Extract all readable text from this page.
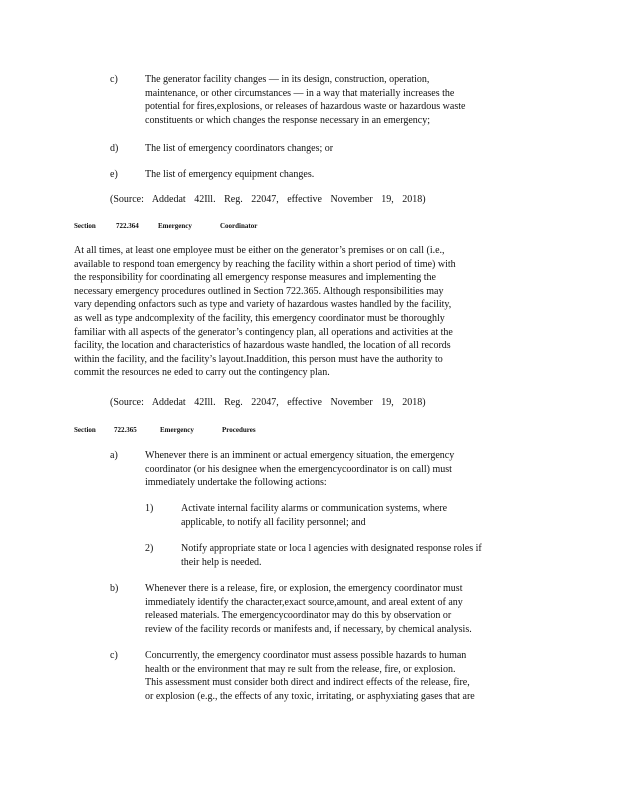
c)	The generator facility changes — in its design, construction, operation,
maintenance, or other circumstances — in a way that materially increases the
potential for fires,explosions, or releases of hazardous waste or hazardous waste
constituents or which changes the response necessary in an emergency;
d)	The list of emergency coordinators changes; or
e)	The list of emergency equipment changes.
(Source: Addedat 42Ill. Reg. 22047, effective November 19, 2018)
Section	722.364	Emergency	Coordinator
At all times, at least one employee must be either on the generator’s premises or on call (i.e.,
available to respond toan emergency by reaching the facility within a short period of time) with
the responsibility for coordinating all emergency response measures and implementing the
necessary emergency procedures outlined in Section 722.365. Although responsibilities may
vary depending onfactors such as type and variety of hazardous wastes handled by the facility,
as well as type andcomplexity of the facility, this emergency coordinator must be thoroughly
familiar with all aspects of the generator’s contingency plan, all operations and activities at the
facility, the location and characteristics of hazardous waste handled, the location of all records
within the facility, and the facility’s layout.Inaddition, this person must have the authority to
commit the resources ne eded to carry out the contingency plan.
(Source: Addedat 42Ill. Reg. 22047, effective November 19, 2018)
Section	722.365	Emergency	Procedures
a)	Whenever there is an imminent or actual emergency situation, the emergency
coordinator (or his designee when the emergencycoordinator is on call) must
immediately undertake the following actions:
1)	Activate internal facility alarms or communication systems, where
applicable, to notify all facility personnel; and
2)	Notify appropriate state or loca l agencies with designated response roles if
their help is needed.
b)	Whenever there is a release, fire, or explosion, the emergency coordinator must
immediately identify the character,exact source,amount, and areal extent of any
released materials. The emergencycoordinator may do this by observation or
review of the facility records or manifests and, if necessary, by chemical analysis.
c)	Concurrently, the emergency coordinator must assess possible hazards to human
health or the environment that may re sult from the release, fire, or explosion.
This assessment must consider both direct and indirect effects of the release, fire,
or explosion (e.g., the effects of any toxic, irritating, or asphyxiating gases that are
